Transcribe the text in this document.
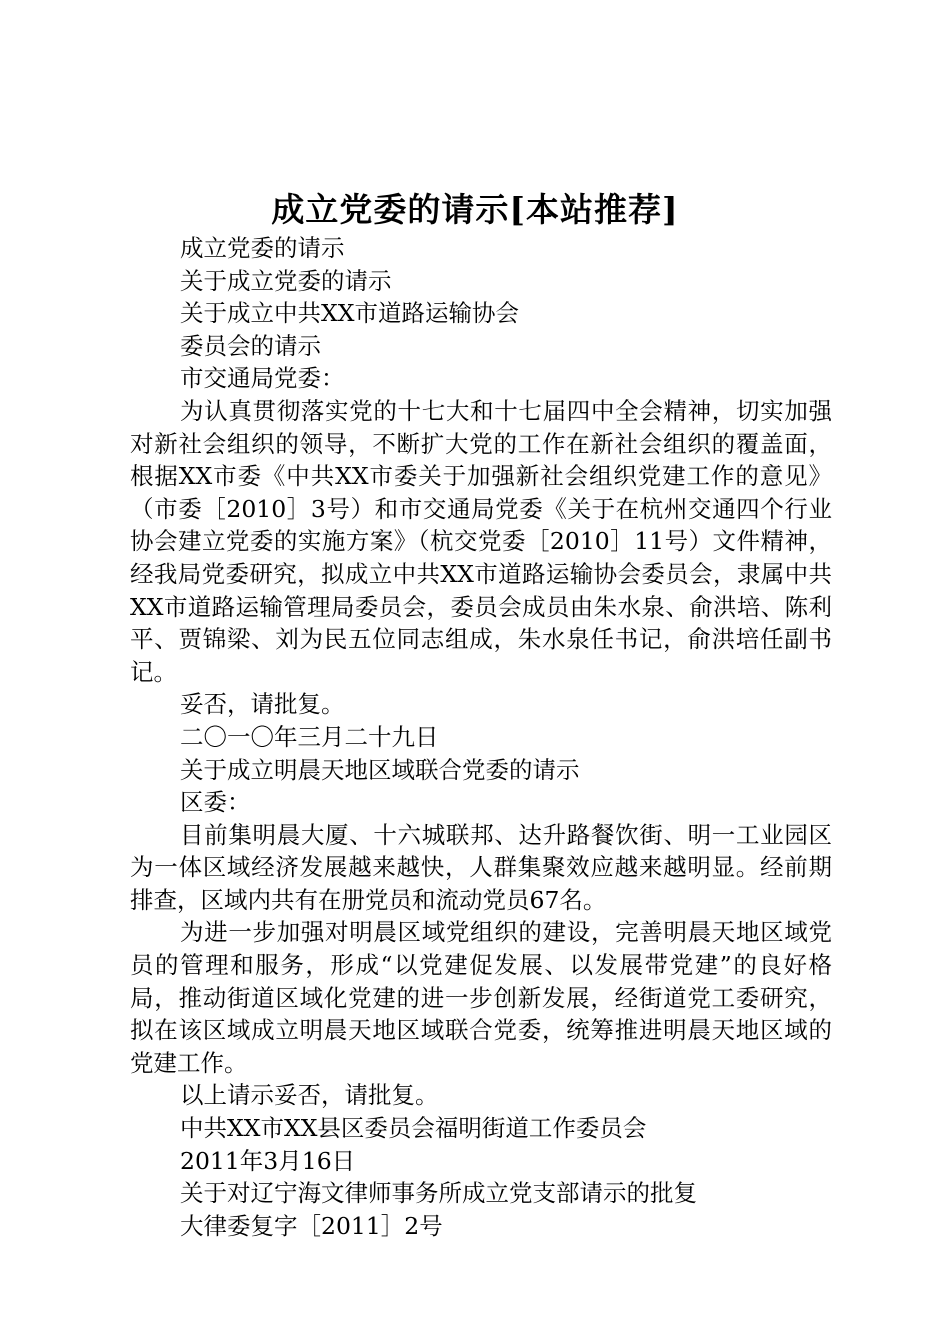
成立党委的请示[本站推荐]

成立党委的请示

关于成立党委的请示

关于成立中共XX市道路运输协会

委员会的请示

市交通局党委：

为认真贯彻落实党的十七大和十七届四中全会精神，切实加强对新社会组织的领导，不断扩大党的工作在新社会组织的覆盖面，根据XX市委《中共XX市委关于加强新社会组织党建工作的意见》（市委［2010］3号）和市交通局党委《关于在杭州交通四个行业协会建立党委的实施方案》（杭交党委［2010］11号）文件精神，经我局党委研究，拟成立中共XX市道路运输协会委员会，隶属中共XX市道路运输管理局委员会，委员会成员由朱水泉、俞洪培、陈利平、贾锦梁、刘为民五位同志组成，朱水泉任书记，俞洪培任副书记。

妥否，请批复。

二〇一〇年三月二十九日

关于成立明晨天地区域联合党委的请示

区委：

目前集明晨大厦、十六城联邦、达升路餐饮街、明一工业园区为一体区域经济发展越来越快，人群集聚效应越来越明显。经前期排查，区域内共有在册党员和流动党员67名。

为进一步加强对明晨区域党组织的建设，完善明晨天地区域党员的管理和服务，形成“以党建促发展、以发展带党建”的良好格局，推动街道区域化党建的进一步创新发展，经街道党工委研究，拟在该区域成立明晨天地区域联合党委，统筹推进明晨天地区域的党建工作。

以上请示妥否，请批复。

中共XX市XX县区委员会福明街道工作委员会

2011年3月16日

关于对辽宁海文律师事务所成立党支部请示的批复

大律委复字［2011］2号
